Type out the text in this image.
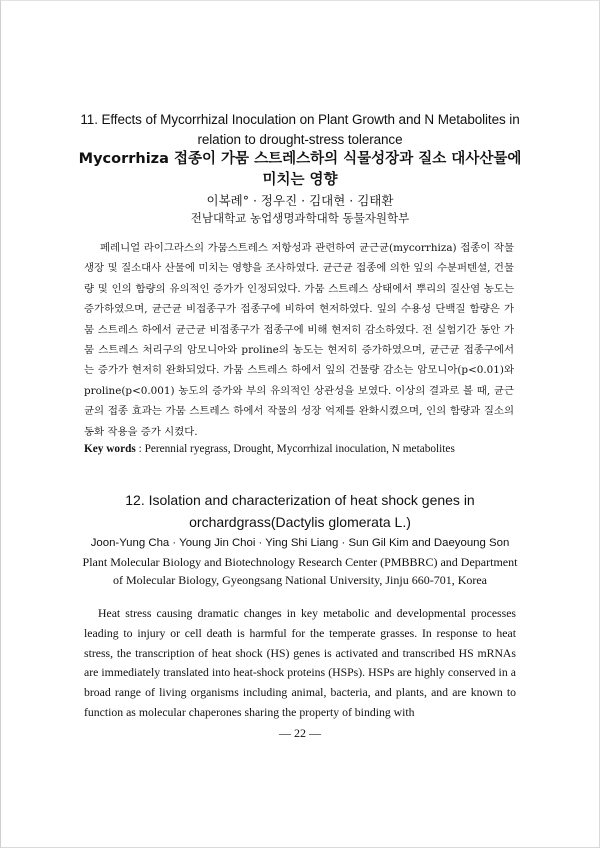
11. Effects of Mycorrhizal Inoculation on Plant Growth and N Metabolites in
relation to drought-stress tolerance
Mycorrhiza 접종이 가뭄 스트레스하의 식물성장과 질소 대사산물에
미치는 영향
이복례° · 정우진 · 김대현 · 김태환
전남대학교 농업생명과학대학 동물자원학부

페레니얼 라이그라스의 가뭄스트레스 저항성과 관련하여 균근균(mycorrhiza) 접종이 작물생장 및 질소대사 산물에 미치는 영향을 조사하였다. 균근균 접종에 의한 잎의 수분퍼텐셜, 건물량 및 인의 함량의 유의적인 증가가 인정되었다. 가뭄 스트레스 상태에서 뿌리의 질산염 농도는 증가하였으며, 균근균 비접종구가 접종구에 비하여 현저하였다. 잎의 수용성 단백질 함량은 가뭄 스트레스 하에서 균근균 비접종구가 접종구에 비해 현저히 감소하였다. 전 실험기간 동안 가뭄 스트레스 처리구의 암모니아와 proline의 농도는 현저히 증가하였으며, 균근균 접종구에서는 증가가 현저히 완화되었다. 가뭄 스트레스 하에서 잎의 건물량 감소는 암모니아(p<0.01)와 proline(p<0.001) 농도의 증가와 부의 유의적인 상관성을 보였다. 이상의 결과로 볼 때, 균근균의 접종 효과는 가뭄 스트레스 하에서 작물의 성장 억제를 완화시켰으며, 인의 함량과 질소의 동화 작용을 증가 시켰다.

Key words : Perennial ryegrass, Drought, Mycorrhizal inoculation, N metabolites
12. Isolation and characterization of heat shock genes in
orchardgrass(Dactylis glomerata L.)
Joon-Yung Cha · Young Jin Choi · Ying Shi Liang · Sun Gil Kim and Daeyoung Son
Plant Molecular Biology and Biotechnology Research Center (PMBBRC) and Department
of Molecular Biology, Gyeongsang National University, Jinju 660-701, Korea

Heat stress causing dramatic changes in key metabolic and developmental processes leading to injury or cell death is harmful for the temperate grasses. In response to heat stress, the transcription of heat shock (HS) genes is activated and transcribed HS mRNAs are immediately translated into heat-shock proteins (HSPs). HSPs are highly conserved in a broad range of living organisms including animal, bacteria, and plants, and are known to function as molecular chaperones sharing the property of binding with

— 22 —
